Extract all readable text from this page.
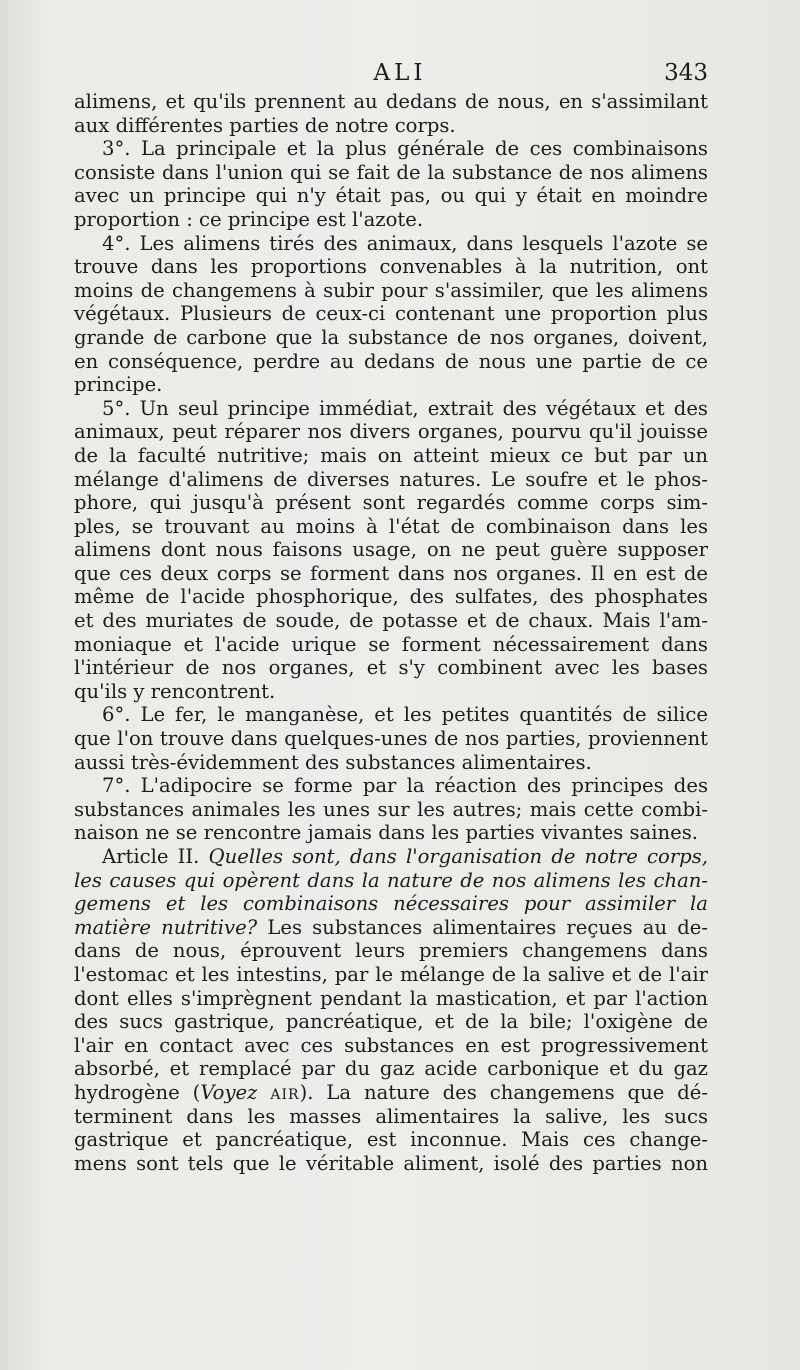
ALI	343
alimens, et qu'ils prennent au dedans de nous, en s'assimilant
aux différentes parties de notre corps.
3°. La principale et la plus générale de ces combinaisons
consiste dans l'union qui se fait de la substance de nos alimens
avec un principe qui n'y était pas, ou qui y était en moindre
proportion : ce principe est l'azote.
4°. Les alimens tirés des animaux, dans lesquels l'azote se
trouve dans les proportions convenables à la nutrition, ont
moins de changemens à subir pour s'assimiler, que les alimens
végétaux. Plusieurs de ceux-ci contenant une proportion plus
grande de carbone que la substance de nos organes, doivent,
en conséquence, perdre au dedans de nous une partie de ce
principe.
5°. Un seul principe immédiat, extrait des végétaux et des
animaux, peut réparer nos divers organes, pourvu qu'il jouisse
de la faculté nutritive; mais on atteint mieux ce but par un
mélange d'alimens de diverses natures. Le soufre et le phos-
phore, qui jusqu'à présent sont regardés comme corps sim-
ples, se trouvant au moins à l'état de combinaison dans les
alimens dont nous faisons usage, on ne peut guère supposer
que ces deux corps se forment dans nos organes. Il en est de
même de l'acide phosphorique, des sulfates, des phosphates
et des muriates de soude, de potasse et de chaux. Mais l'am-
moniaque et l'acide urique se forment nécessairement dans
l'intérieur de nos organes, et s'y combinent avec les bases
qu'ils y rencontrent.
6°. Le fer, le manganèse, et les petites quantités de silice
que l'on trouve dans quelques-unes de nos parties, proviennent
aussi très-évidemment des substances alimentaires.
7°. L'adipocire se forme par la réaction des principes des
substances animales les unes sur les autres; mais cette combi-
naison ne se rencontre jamais dans les parties vivantes saines.
Article II. Quelles sont, dans l'organisation de notre corps,
les causes qui opèrent dans la nature de nos alimens les chan-
gemens et les combinaisons nécessaires pour assimiler la
matière nutritive? Les substances alimentaires reçues au de-
dans de nous, éprouvent leurs premiers changemens dans
l'estomac et les intestins, par le mélange de la salive et de l'air
dont elles s'imprègnent pendant la mastication, et par l'action
des sucs gastrique, pancréatique, et de la bile; l'oxigène de
l'air en contact avec ces substances en est progressivement
absorbé, et remplacé par du gaz acide carbonique et du gaz
hydrogène (Voyez AIR). La nature des changemens que dé-
terminent dans les masses alimentaires la salive, les sucs
gastrique et pancréatique, est inconnue. Mais ces change-
mens sont tels que le véritable aliment, isolé des parties non
